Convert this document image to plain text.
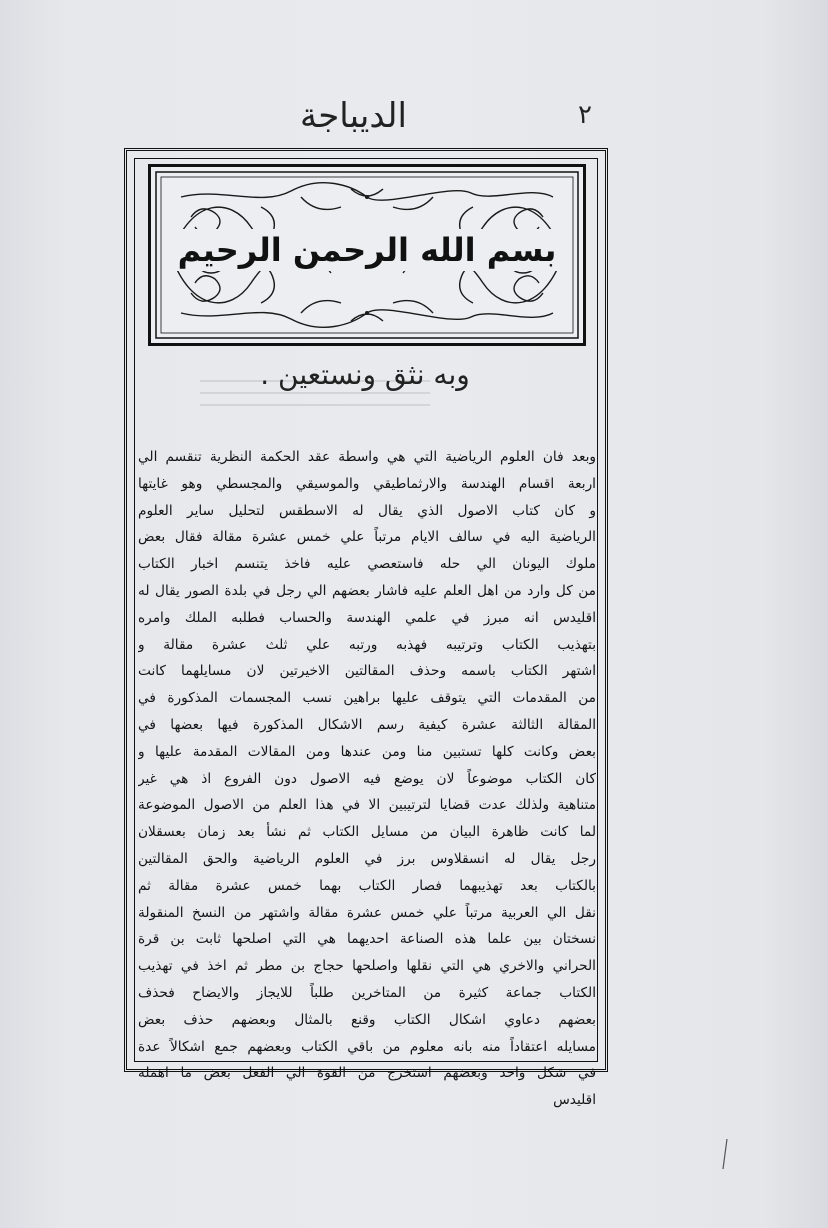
٢
الديباجة
بسم الله الرحمن الرحيم
وبه نثق ونستعين .
وبعد فان العلوم الرياضية التي هي واسطة عقد الحكمة النظرية تنقسم الي
اربعة اقسام الهندسة والارثماطيقي والموسيقي والمجسطي وهو غايتها
و كان كتاب الاصول الذي يقال له الاسطقس لتحليل ساير العلوم
الرياضية اليه في سالف الايام مرتباً علي خمس عشرة مقالة فقال بعض
ملوك اليونان الي حله فاستعصي عليه فاخذ يتنسم اخبار الكتاب
من كل وارد من اهل العلم عليه فاشار بعضهم الي رجل في بلدة الصور يقال له
اقليدس انه مبرز في علمي الهندسة والحساب فطلبه الملك وامره
بتهذيب الكتاب وترتيبه فهذبه ورتبه علي ثلث عشرة مقالة و
اشتهر الكتاب باسمه وحذف المقالتين الاخيرتين لان مسايلهما كانت
من المقدمات التي يتوقف عليها براهين نسب المجسمات المذكورة في
المقالة الثالثة عشرة كيفية رسم الاشكال المذكورة فيها بعضها في
بعض وكانت كلها تستبين منا ومن عندها ومن المقالات المقدمة عليها و
كان الكتاب موضوعاً لان يوضع فيه الاصول دون الفروع اذ هي غير
متناهية ولذلك عدت قضايا لترتيبين الا في هذا العلم من الاصول الموضوعة
لما كانت ظاهرة البيان من مسايل الكتاب ثم نشأ بعد زمان بعسقلان
رجل يقال له انسقلاوس برز في العلوم الرياضية والحق المقالتين
بالكتاب بعد تهذيبهما فصار الكتاب بهما خمس عشرة مقالة ثم
نقل الي العربية مرتباً علي خمس عشرة مقالة واشتهر من النسخ المنقولة
نسختان بين علما هذه الصناعة احديهما هي التي اصلحها ثابت بن قرة
الحراني والاخري هي التي نقلها واصلحها حجاج بن مطر ثم اخذ في تهذيب
الكتاب جماعة كثيرة من المتاخرين طلباً للايجاز والايضاح فحذف
بعضهم دعاوي اشكال الكتاب وقنع بالمثال وبعضهم حذف بعض
مسايله اعتقاداً منه بانه معلوم من باقي الكتاب وبعضهم جمع اشكالاً عدة
في شكل واحد وبعضهم استخرج من القوة الي الفعل بعض ما اهمله
اقليدس
